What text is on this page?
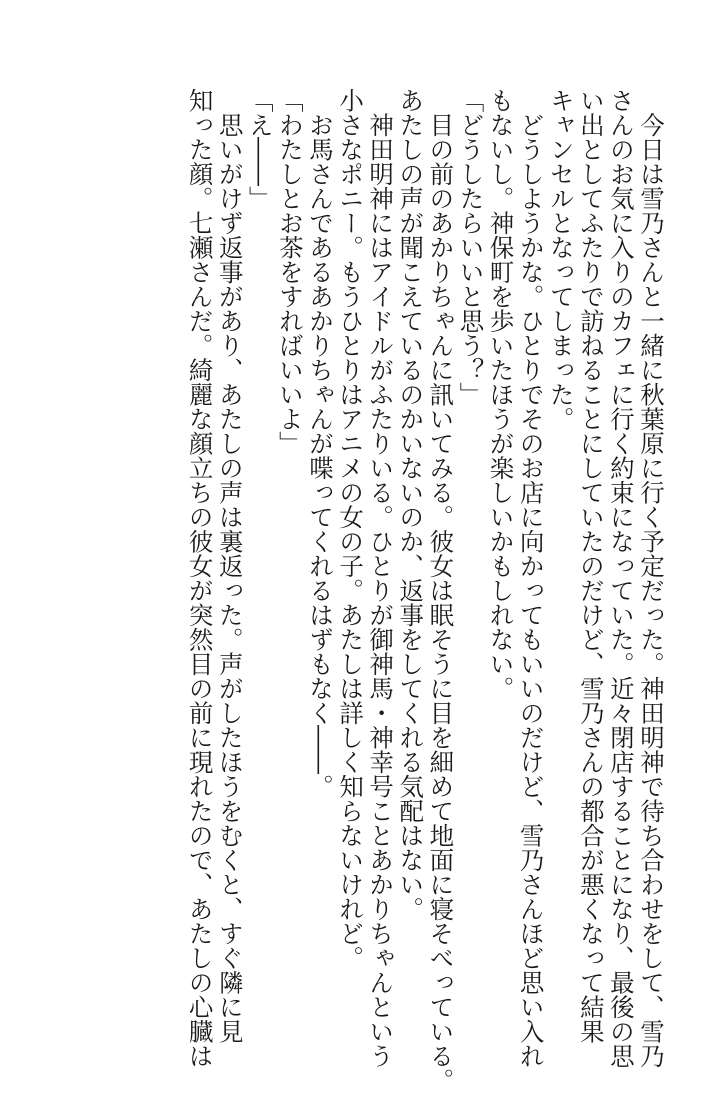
　今日は雪乃さんと一緒に秋葉原に行く予定だった。神田明神で待ち合わせをして、雪乃
さんのお気に入りのカフェに行く約束になっていた。近々閉店することになり、最後の思
い出としてふたりで訪ねることにしていたのだけど、雪乃さんの都合が悪くなって結果
キャンセルとなってしまった。
　どうしようかな。ひとりでそのお店に向かってもいいのだけど、雪乃さんほど思い入れ
もないし。神保町を歩いたほうが楽しいかもしれない。
「どうしたらいいと思う？」
　目の前のあかりちゃんに訊いてみる。彼女は眠そうに目を細めて地面に寝そべっている。
あたしの声が聞こえているのかいないのか、返事をしてくれる気配はない。
　神田明神にはアイドルがふたりいる。ひとりが御神馬・神幸号ことあかりちゃんという
小さなポニー。もうひとりはアニメの女の子。あたしは詳しく知らないけれど。
　お馬さんであるあかりちゃんが喋ってくれるはずもなく――。
「わたしとお茶をすればいいよ」
「え――」
　思いがけず返事があり、あたしの声は裏返った。声がしたほうをむくと、すぐ隣に見
知った顔。七瀬さんだ。綺麗な顔立ちの彼女が突然目の前に現れたので、あたしの心臓は
